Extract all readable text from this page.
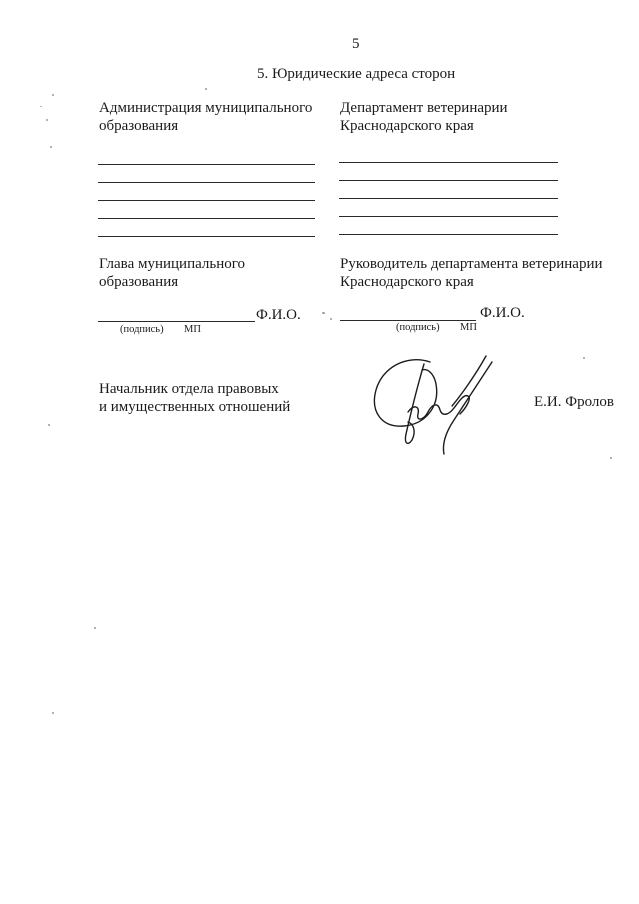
5
5. Юридические адреса сторон
Администрация муниципального
образования
Глава муниципального
образования
Ф.И.О.
(подпись) МП
Департамент ветеринарии
Краснодарского края
Руководитель департамента ветеринарии
Краснодарского края
Ф.И.О.
(подпись) МП
Начальник отдела правовых
и имущественных отношений	Е.И. Фролов
